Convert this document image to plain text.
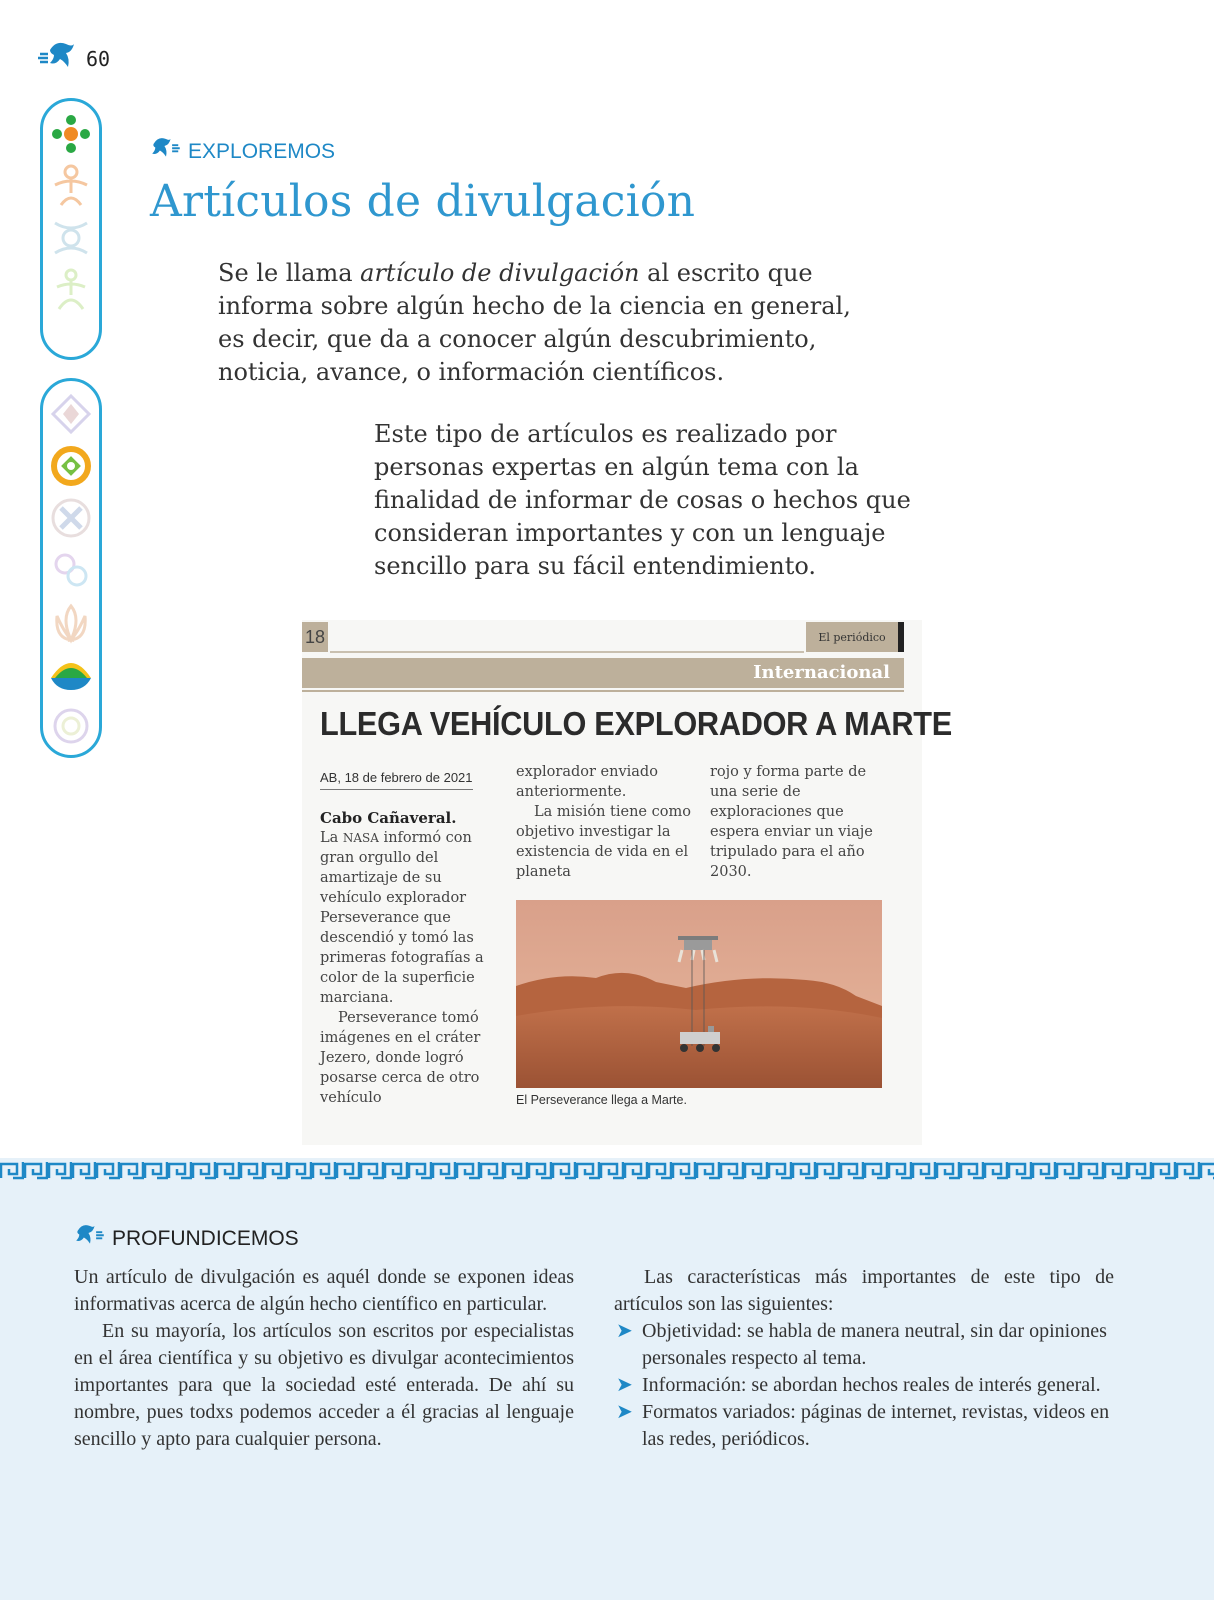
60
EXPLOREMOS
Artículos de divulgación
Se le llama artículo de divulgación al escrito que informa sobre algún hecho de la ciencia en general, es decir, que da a conocer algún descubrimiento, noticia, avance, o información científicos.
Este tipo de artículos es realizado por personas expertas en algún tema con la finalidad de informar de cosas o hechos que consideran importantes y con un lenguaje sencillo para su fácil entendimiento.
18	El periódico
Internacional
LLEGA VEHÍCULO EXPLORADOR A MARTE
AB, 18 de febrero de 2021
Cabo Cañaveral.
La NASA informó con gran orgullo del amartizaje de su vehículo explorador Perseverance que descendió y tomó las primeras fotografías a color de la superficie marciana.
Perseverance tomó imágenes en el cráter Jezero, donde logró posarse cerca de otro vehículo
explorador enviado anteriormente.
La misión tiene como objetivo investigar la existencia de vida en el planeta
rojo y forma parte de una serie de exploraciones que espera enviar un viaje tripulado para el año 2030.
El Perseverance llega a Marte.
PROFUNDICEMOS
Un artículo de divulgación es aquél donde se exponen ideas informativas acerca de algún hecho científico en particular.
En su mayoría, los artículos son escritos por especialistas en el área científica y su objetivo es divulgar acontecimientos importantes para que la sociedad esté enterada. De ahí su nombre, pues todxs podemos acceder a él gracias al lenguaje sencillo y apto para cualquier persona.
Las características más importantes de este tipo de artículos son las siguientes:
➤ Objetividad: se habla de manera neutral, sin dar opiniones personales respecto al tema.
➤ Información: se abordan hechos reales de interés general.
➤ Formatos variados: páginas de internet, revistas, videos en las redes, periódicos.
